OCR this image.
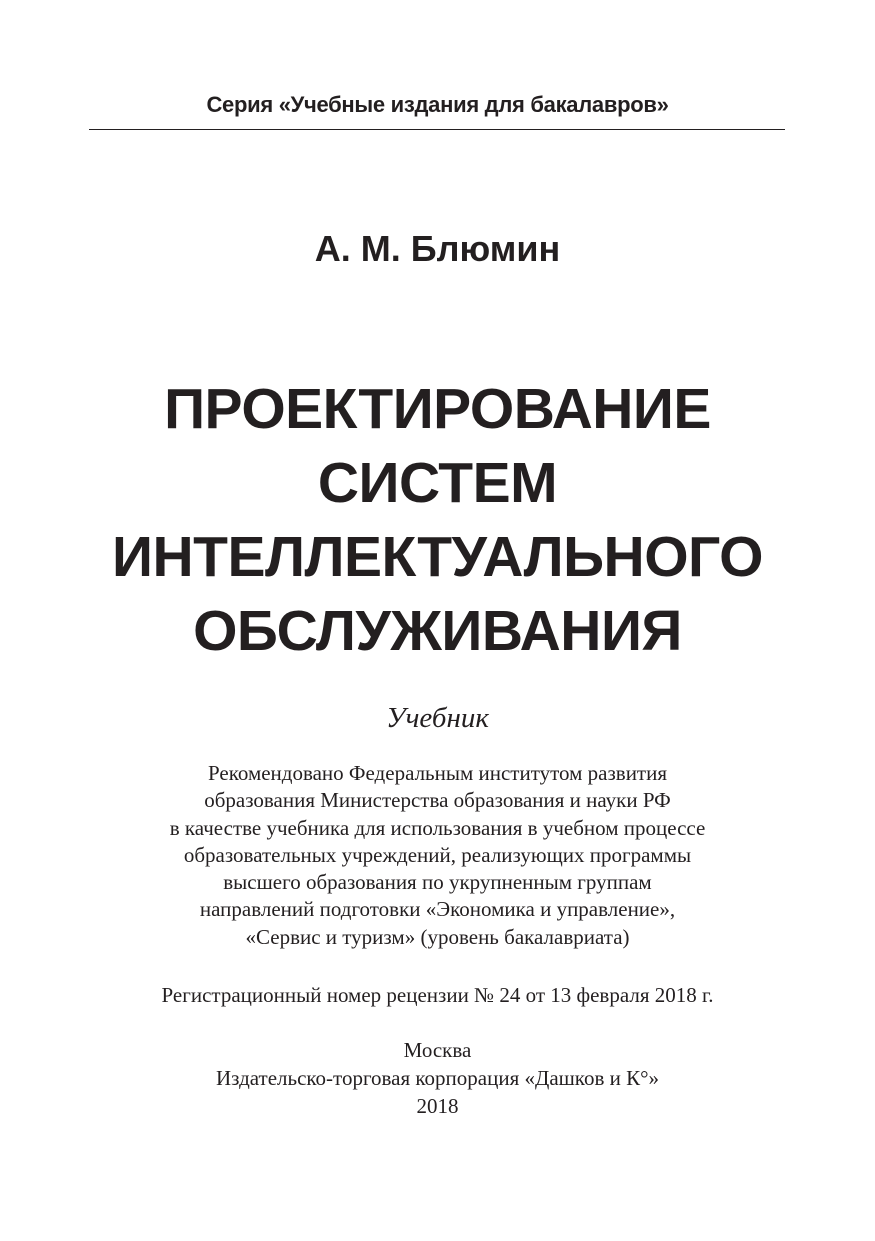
Серия «Учебные издания для бакалавров»
А. М. Блюмин
ПРОЕКТИРОВАНИЕ
СИСТЕМ
ИНТЕЛЛЕКТУАЛЬНОГО
ОБСЛУЖИВАНИЯ
Учебник
Рекомендовано Федеральным институтом развития
образования Министерства образования и науки РФ
в качестве учебника для использования в учебном процессе
образовательных учреждений, реализующих программы
высшего образования по укрупненным группам
направлений подготовки «Экономика и управление»,
«Сервис и туризм» (уровень бакалавриата)
Регистрационный номер рецензии № 24 от 13 февраля 2018 г.
Москва
Издательско-торговая корпорация «Дашков и К°»
2018
